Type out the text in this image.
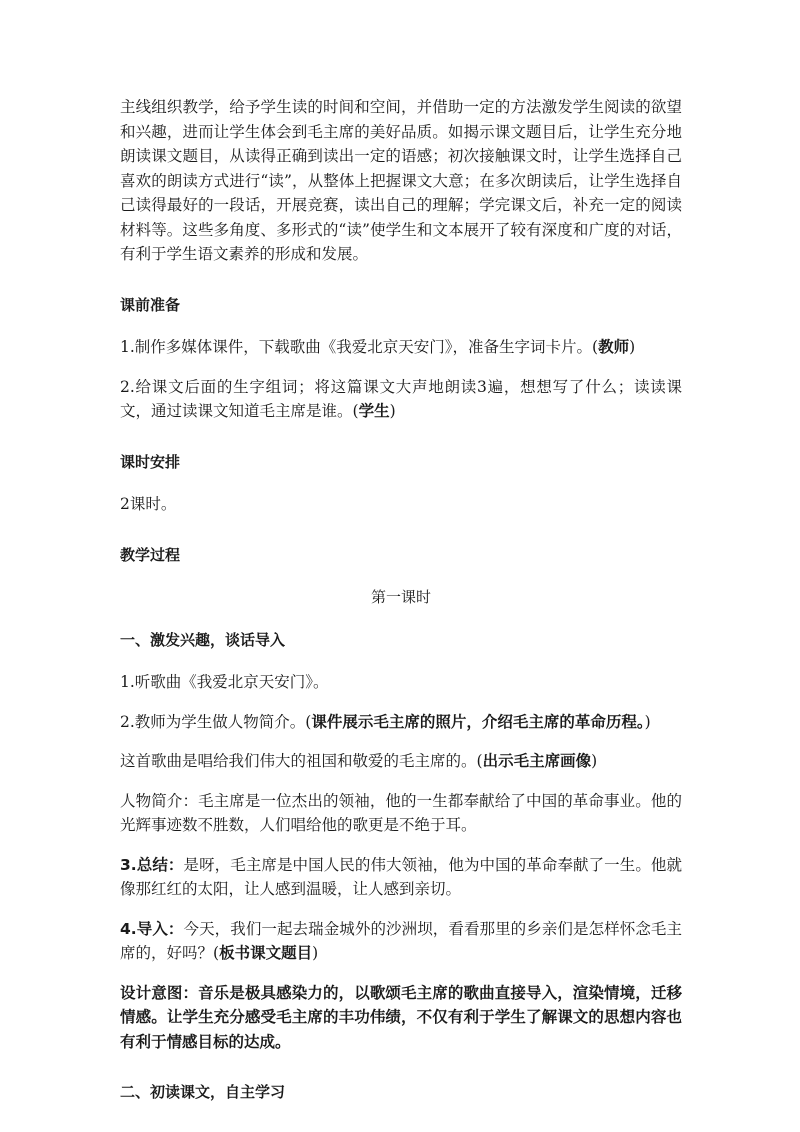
主线组织教学，给予学生读的时间和空间，并借助一定的方法激发学生阅读的欲望和兴趣，进而让学生体会到毛主席的美好品质。如揭示课文题目后，让学生充分地朗读课文题目，从读得正确到读出一定的语感；初次接触课文时，让学生选择自己喜欢的朗读方式进行“读”，从整体上把握课文大意；在多次朗读后，让学生选择自己读得最好的一段话，开展竞赛，读出自己的理解；学完课文后，补充一定的阅读材料等。这些多角度、多形式的“读”使学生和文本展开了较有深度和广度的对话，有利于学生语文素养的形成和发展。

课前准备

1.制作多媒体课件，下载歌曲《我爱北京天安门》，准备生字词卡片。(教师)

2.给课文后面的生字组词；将这篇课文大声地朗读3遍，想想写了什么；读读课文，通过读课文知道毛主席是谁。(学生)

课时安排

2课时。

教学过程

第一课时

一、激发兴趣，谈话导入

1.听歌曲《我爱北京天安门》。

2.教师为学生做人物简介。(课件展示毛主席的照片，介绍毛主席的革命历程。)

这首歌曲是唱给我们伟大的祖国和敬爱的毛主席的。(出示毛主席画像)

人物简介：毛主席是一位杰出的领袖，他的一生都奉献给了中国的革命事业。他的光辉事迹数不胜数，人们唱给他的歌更是不绝于耳。

3.总结：是呀，毛主席是中国人民的伟大领袖，他为中国的革命奉献了一生。他就像那红红的太阳，让人感到温暖，让人感到亲切。

4.导入：今天，我们一起去瑞金城外的沙洲坝，看看那里的乡亲们是怎样怀念毛主席的，好吗？(板书课文题目)

设计意图：音乐是极具感染力的，以歌颂毛主席的歌曲直接导入，渲染情境，迁移情感。让学生充分感受毛主席的丰功伟绩，不仅有利于学生了解课文的思想内容也有利于情感目标的达成。

二、初读课文，自主学习
